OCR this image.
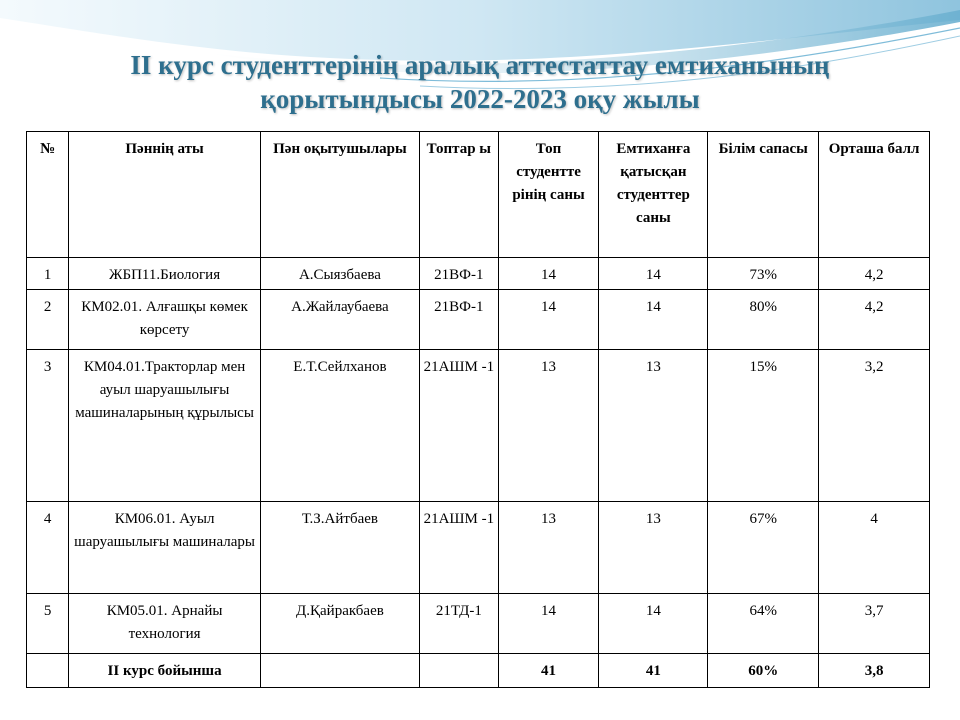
II курс студенттерінің аралық аттестаттау емтиханының
қорытындысы 2022-2023 оқу жылы
№	Пәннің аты	Пән оқытушылары	Топтар ы	Топ студентте рінің саны	Емтиханға қатысқан студенттер саны	Білім сапасы	Орташа балл
1	ЖБП11.Биология	А.Сыязбаева	21ВФ-1	14	14	73%	4,2
2	КМ02.01. Алғашқы көмек көрсету	А.Жайлаубаева	21ВФ-1	14	14	80%	4,2
3	КМ04.01.Тракторлар мен ауыл шаруашылығы машиналарының құрылысы	Е.Т.Сейлханов	21АШМ -1	13	13	15%	3,2
4	КМ06.01. Ауыл шаруашылығы машиналары	Т.З.Айтбаев	21АШМ -1	13	13	67%	4
5	КМ05.01. Арнайы технология	Д.Қайракбаев	21ТД-1	14	14	64%	3,7
	II курс бойынша			41	41	60%	3,8
